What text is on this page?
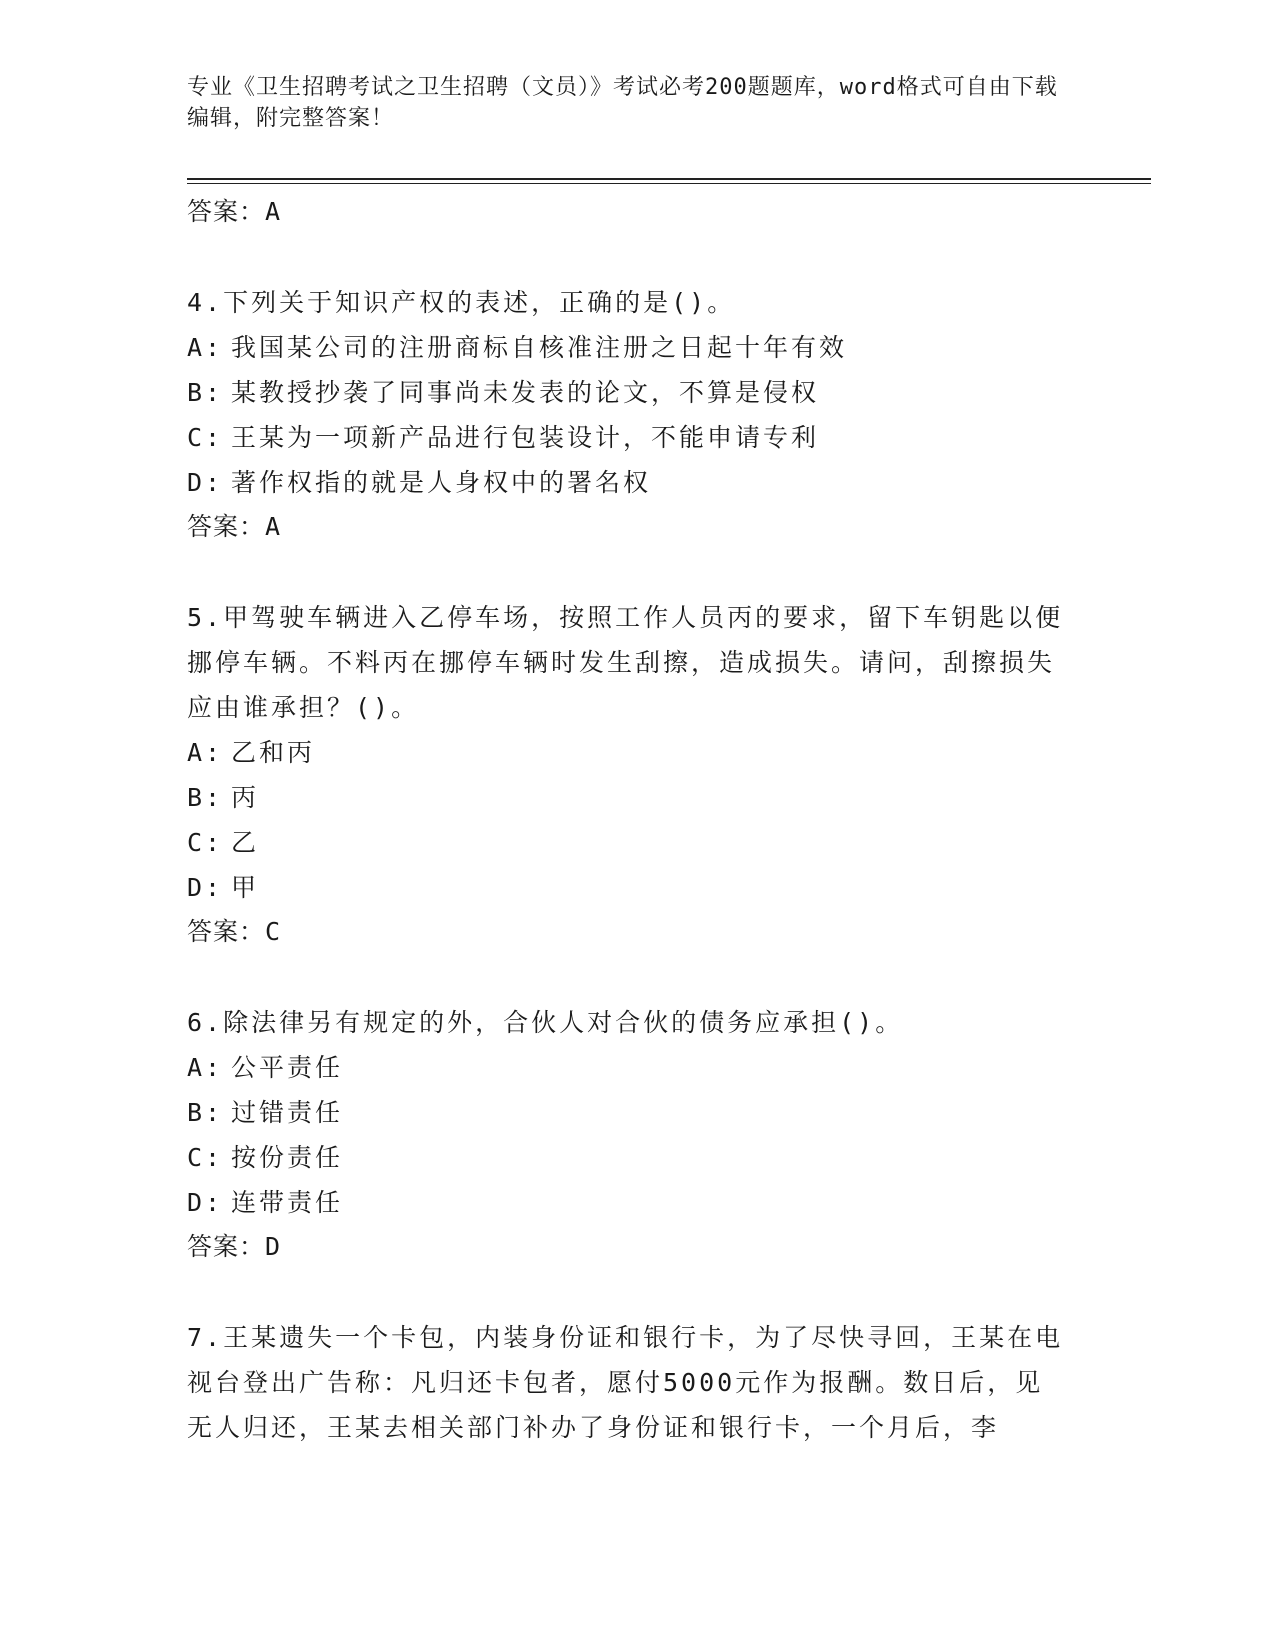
专业《卫生招聘考试之卫生招聘（文员）》考试必考200题题库，word格式可自由下载编辑，附完整答案！
答案：A
4.下列关于知识产权的表述，正确的是()。
A: 我国某公司的注册商标自核准注册之日起十年有效
B: 某教授抄袭了同事尚未发表的论文，不算是侵权
C: 王某为一项新产品进行包装设计，不能申请专利
D: 著作权指的就是人身权中的署名权
答案：A
5.甲驾驶车辆进入乙停车场，按照工作人员丙的要求，留下车钥匙以便挪停车辆。不料丙在挪停车辆时发生刮擦，造成损失。请问，刮擦损失应由谁承担？()。
A: 乙和丙
B: 丙
C: 乙
D: 甲
答案：C
6.除法律另有规定的外，合伙人对合伙的债务应承担()。
A: 公平责任
B: 过错责任
C: 按份责任
D: 连带责任
答案：D
7.王某遗失一个卡包，内装身份证和银行卡，为了尽快寻回，王某在电视台登出广告称：凡归还卡包者，愿付5000元作为报酬。数日后，见无人归还，王某去相关部门补办了身份证和银行卡，一个月后，李
